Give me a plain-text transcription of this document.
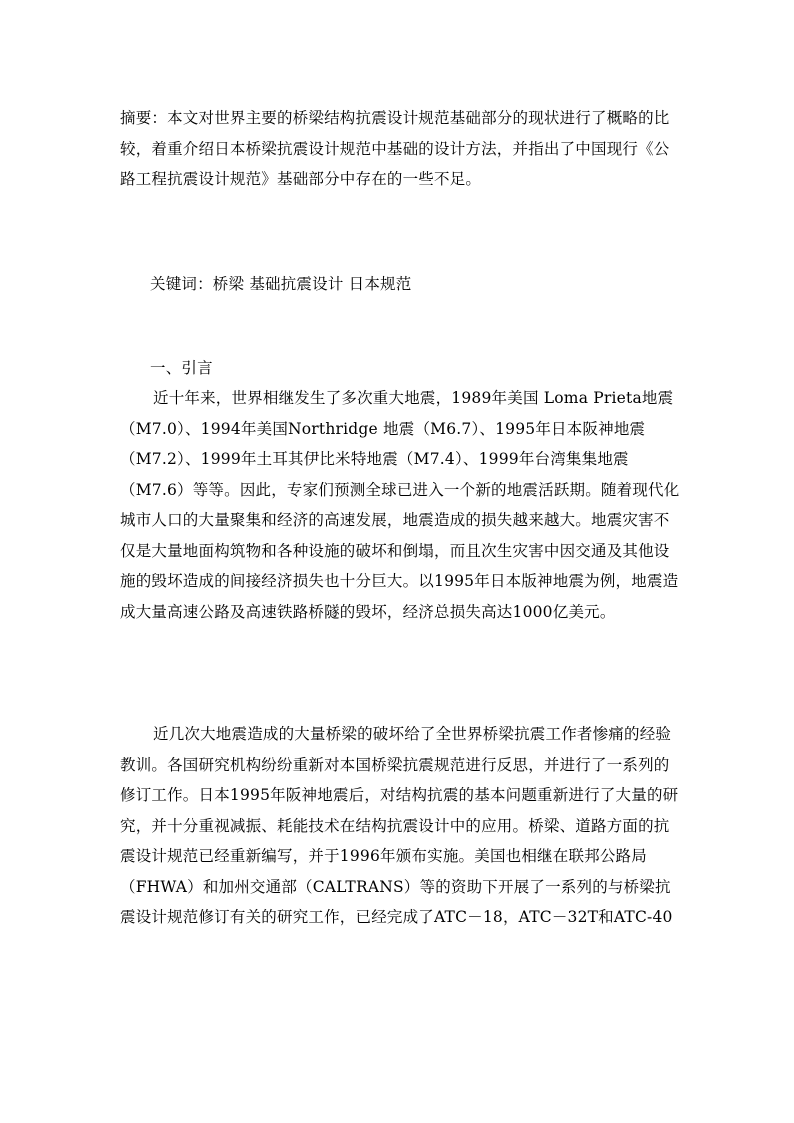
摘要：本文对世界主要的桥梁结构抗震设计规范基础部分的现状进行了概略的比较，着重介绍日本桥梁抗震设计规范中基础的设计方法，并指出了中国现行《公路工程抗震设计规范》基础部分中存在的一些不足。

关键词：桥梁 基础抗震设计 日本规范

一、引言

近十年来，世界相继发生了多次重大地震，1989年美国 Loma Prieta地震（M7.0）、1994年美国Northridge 地震（M6.7）、1995年日本阪神地震（M7.2）、1999年土耳其伊比米特地震（M7.4）、1999年台湾集集地震（M7.6）等等。因此，专家们预测全球已进入一个新的地震活跃期。随着现代化城市人口的大量聚集和经济的高速发展，地震造成的损失越来越大。地震灾害不仅是大量地面构筑物和各种设施的破坏和倒塌，而且次生灾害中因交通及其他设施的毁坏造成的间接经济损失也十分巨大。以1995年日本版神地震为例，地震造成大量高速公路及高速铁路桥隧的毁坏，经济总损失高达1000亿美元。

近几次大地震造成的大量桥梁的破坏给了全世界桥梁抗震工作者惨痛的经验教训。各国研究机构纷纷重新对本国桥梁抗震规范进行反思，并进行了一系列的修订工作。日本1995年阪神地震后，对结构抗震的基本问题重新进行了大量的研究，并十分重视减振、耗能技术在结构抗震设计中的应用。桥梁、道路方面的抗震设计规范已经重新编写，并于1996年颁布实施。美国也相继在联邦公路局（FHWA）和加州交通部（CALTRANS）等的资助下开展了一系列的与桥梁抗震设计规范修订有关的研究工作，已经完成了ATC－18，ATC－32T和ATC-40
